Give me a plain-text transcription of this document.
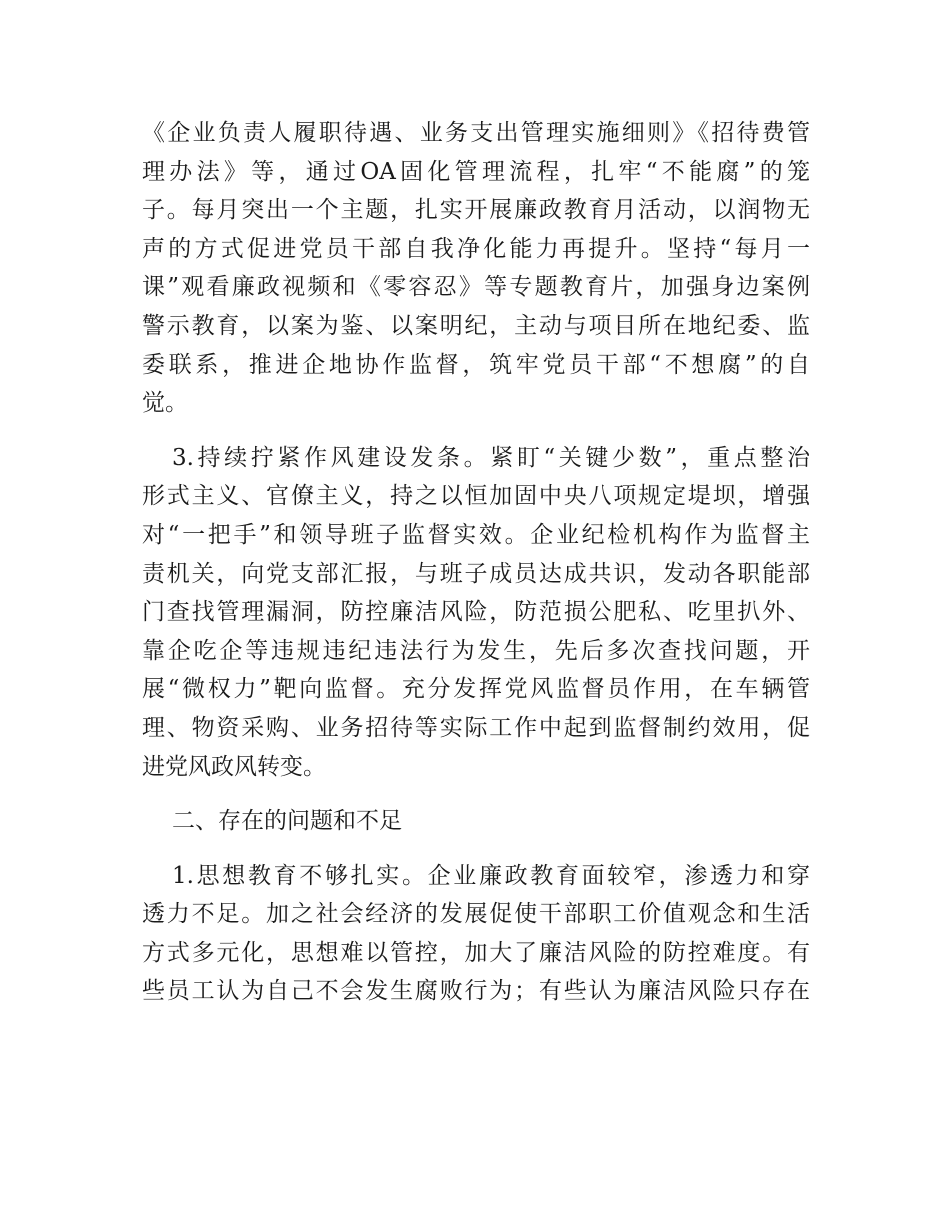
《企业负责人履职待遇、业务支出管理实施细则》《招待费管
理办法》等，通过OA固化管理流程，扎牢“不能腐”的笼
子。每月突出一个主题，扎实开展廉政教育月活动，以润物无
声的方式促进党员干部自我净化能力再提升。坚持“每月一
课”观看廉政视频和《零容忍》等专题教育片，加强身边案例
警示教育，以案为鉴、以案明纪，主动与项目所在地纪委、监
委联系，推进企地协作监督，筑牢党员干部“不想腐”的自
觉。
3.持续拧紧作风建设发条。紧盯“关键少数”，重点整治
形式主义、官僚主义，持之以恒加固中央八项规定堤坝，增强
对“一把手”和领导班子监督实效。企业纪检机构作为监督主
责机关，向党支部汇报，与班子成员达成共识，发动各职能部
门查找管理漏洞，防控廉洁风险，防范损公肥私、吃里扒外、
靠企吃企等违规违纪违法行为发生，先后多次查找问题，开
展“微权力”靶向监督。充分发挥党风监督员作用，在车辆管
理、物资采购、业务招待等实际工作中起到监督制约效用，促
进党风政风转变。
二、存在的问题和不足
1.思想教育不够扎实。企业廉政教育面较窄，渗透力和穿
透力不足。加之社会经济的发展促使干部职工价值观念和生活
方式多元化，思想难以管控，加大了廉洁风险的防控难度。有
些员工认为自己不会发生腐败行为；有些认为廉洁风险只存在
